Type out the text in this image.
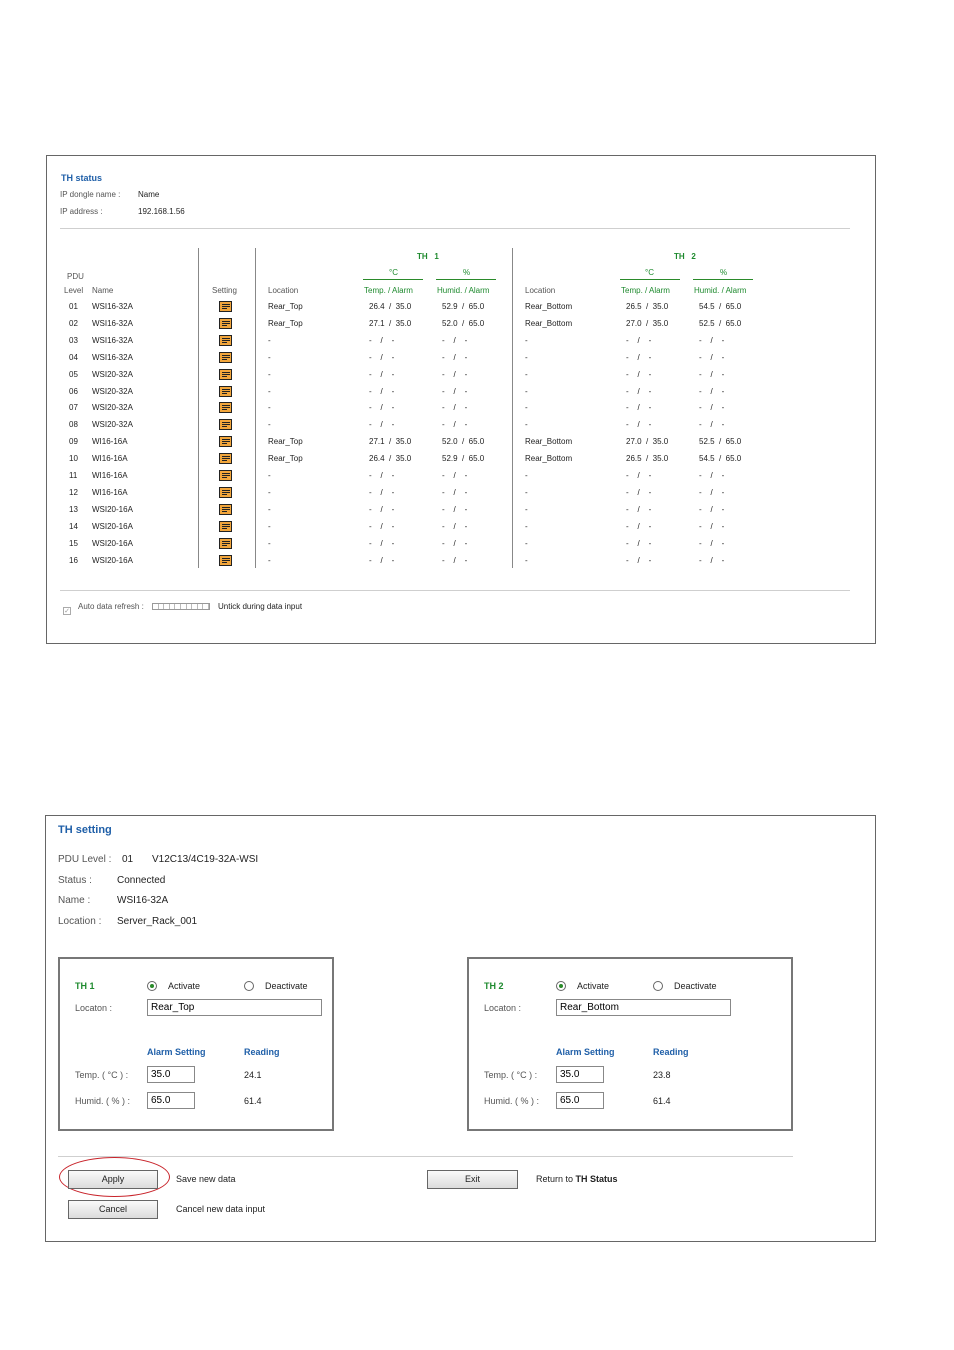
TH status
IP dongle name : Name
IP address :	192.168.1.56
TH   1	TH   2
°C	%	°C	%
PDU
Level Name	Setting	Location	Temp. / Alarm	Humid. / Alarm	Location	Temp. / Alarm	Humid. / Alarm
01 WSI16-32A	Rear_Top	26.4  /  35.0	52.9  /  65.0	Rear_Bottom	26.5  /  35.0	54.5  /  65.0
02 WSI16-32A	Rear_Top	27.1  /  35.0	52.0  /  65.0	Rear_Bottom	27.0  /  35.0	52.5  /  65.0
03 WSI16-32A	-	-    /    -	-    /    -	-	-    /    -	-    /    -
04 WSI16-32A	-	-    /    -	-    /    -	-	-    /    -	-    /    -
05 WSI20-32A	-	-    /    -	-    /    -	-	-    /    -	-    /    -
06 WSI20-32A	-	-    /    -	-    /    -	-	-    /    -	-    /    -
07 WSI20-32A	-	-    /    -	-    /    -	-	-    /    -	-    /    -
08 WSI20-32A	-	-    /    -	-    /    -	-	-    /    -	-    /    -
09 WI16-16A	Rear_Top	27.1  /  35.0	52.0  /  65.0	Rear_Bottom	27.0  /  35.0	52.5  /  65.0
10 WI16-16A	Rear_Top	26.4  /  35.0	52.9  /  65.0	Rear_Bottom	26.5  /  35.0	54.5  /  65.0
11 WI16-16A	-	-    /    -	-    /    -	-	-    /    -	-    /    -
12 WI16-16A	-	-    /    -	-    /    -	-	-    /    -	-    /    -
13 WSI20-16A	-	-    /    -	-    /    -	-	-    /    -	-    /    -
14 WSI20-16A	-	-    /    -	-    /    -	-	-    /    -	-    /    -
15 WSI20-16A	-	-    /    -	-    /    -	-	-    /    -	-    /    -
16 WSI20-16A	-	-    /    -	-    /    -	-	-    /    -	-    /    -
✓
Auto data refresh :	Untick during data input
TH setting
PDU Level : 01 V12C13/4C19-32A-WSI
Status :	Connected
Name :	WSI16-32A
Location : Server_Rack_001
TH 1	Activate	Deactivate
Locaton :
Rear_Top
Alarm Setting	Reading
Temp. ( °C ) :
35.0	24.1
Humid. ( % ) :
65.0	61.4
TH 2	Activate	Deactivate
Locaton :
Rear_Bottom
Alarm Setting	Reading
Temp. ( °C ) :
35.0	23.8
Humid. ( % ) :
65.0	61.4
Apply	Save new data
Cancel	Cancel new data input
Exit	Return to TH Status
